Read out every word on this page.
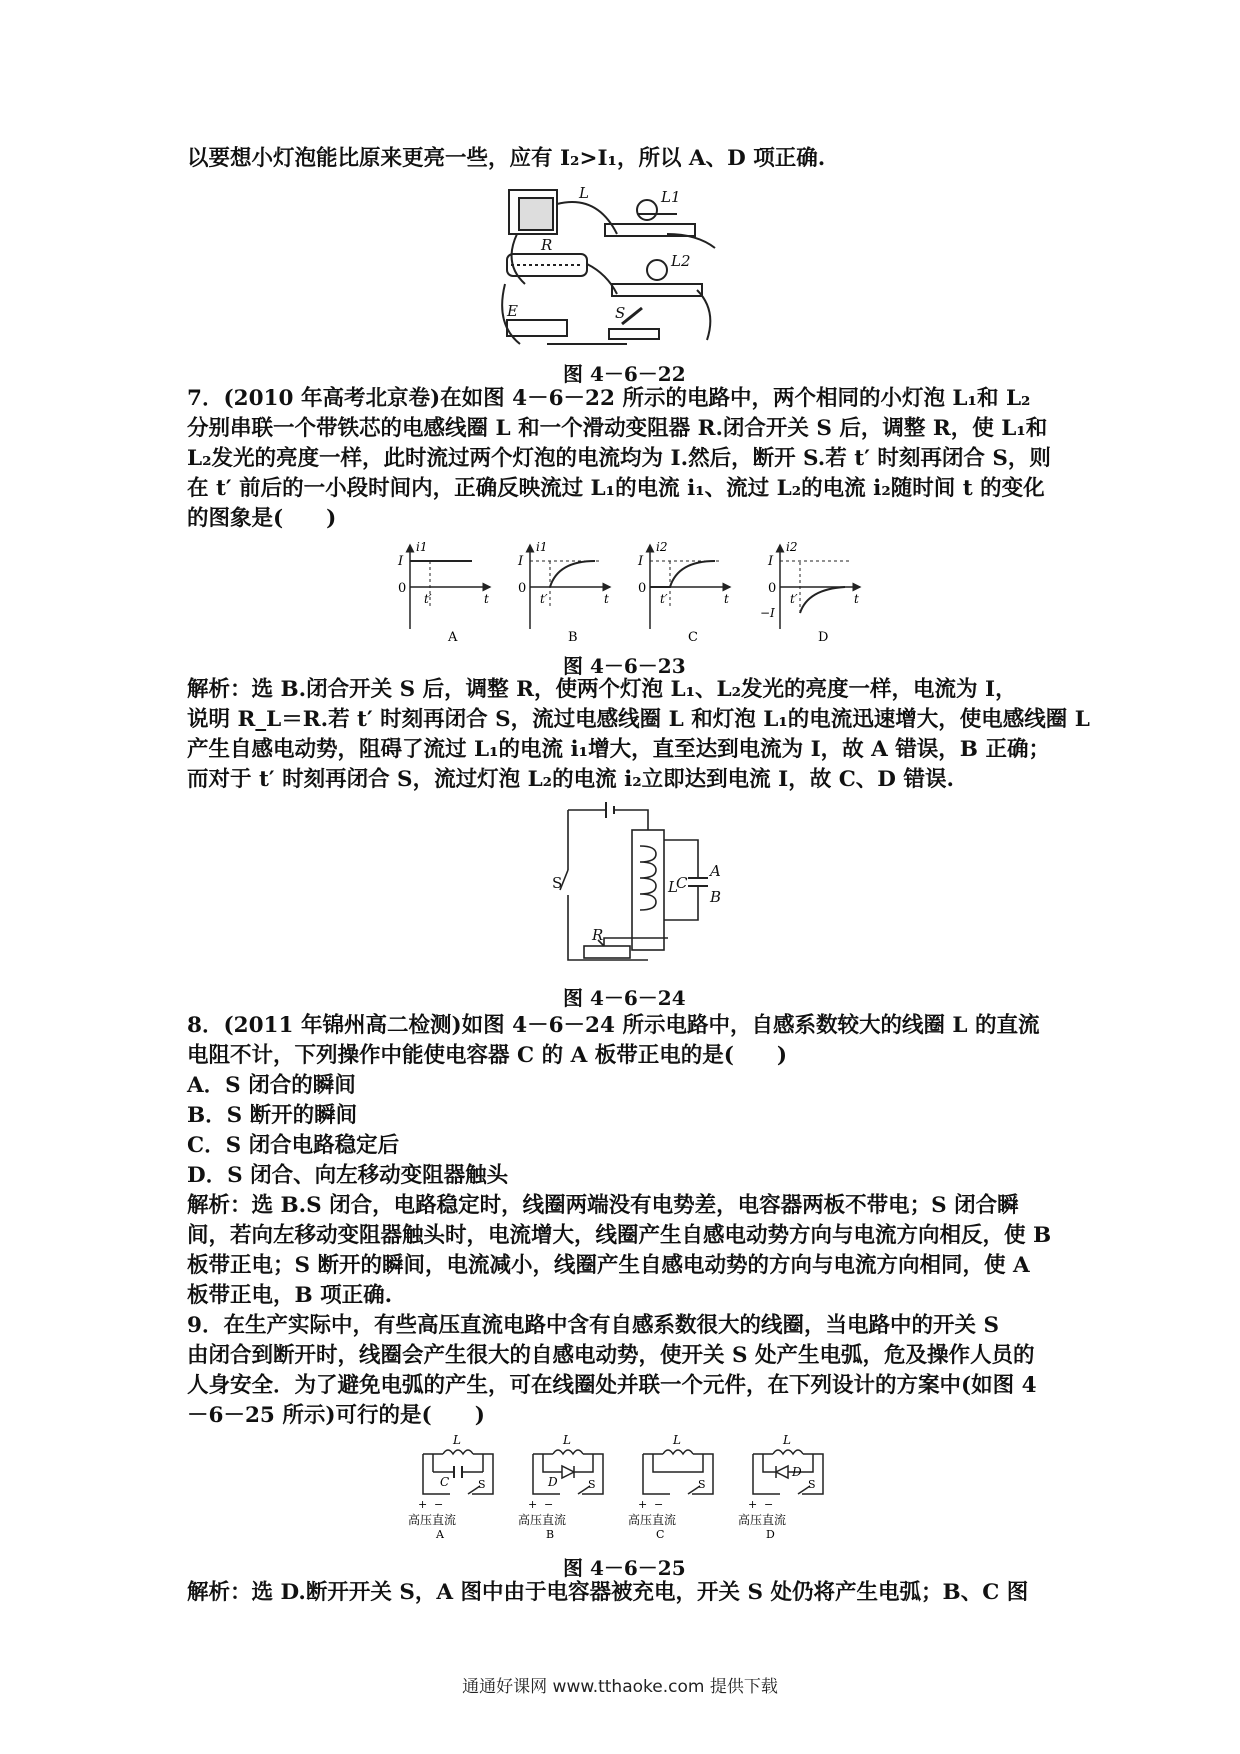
以要想小灯泡能比原来更亮一些，应有 I₂>I₁，所以 A、D 项正确.
L	L1
L2
R
E	S
图 4－6－22
7．(2010 年高考北京卷)在如图 4－6－22 所示的电路中，两个相同的小灯泡 L₁和 L₂
分别串联一个带铁芯的电感线圈 L 和一个滑动变阻器 R.闭合开关 S 后，调整 R，使 L₁和
L₂发光的亮度一样，此时流过两个灯泡的电流均为 I.然后，断开 S.若 t′ 时刻再闭合 S，则
在 t′ 前后的一小段时间内，正确反映流过 L₁的电流 i₁、流过 L₂的电流 i₂随时间 t 的变化
的图象是(　　)
i1
I
0
t′	t
A
i1
I
0
t′	t
B
i2
I
0
t′	t
C
i2
I
0
t′
−I
t
D
图 4－6－23
解析：选 B.闭合开关 S 后，调整 R，使两个灯泡 L₁、L₂发光的亮度一样，电流为 I，
说明 R_L＝R.若 t′ 时刻再闭合 S，流过电感线圈 L 和灯泡 L₁的电流迅速增大，使电感线圈 L
产生自感电动势，阻碍了流过 L₁的电流 i₁增大，直至达到电流为 I，故 A 错误，B 正确；
而对于 t′ 时刻再闭合 S，流过灯泡 L₂的电流 i₂立即达到电流 I，故 C、D 错误.
S	L
C
A
B
R
图 4－6－24
8．(2011 年锦州高二检测)如图 4－6－24 所示电路中，自感系数较大的线圈 L 的直流
电阻不计，下列操作中能使电容器 C 的 A 板带正电的是(　　)
A．S 闭合的瞬间
B．S 断开的瞬间
C．S 闭合电路稳定后
D．S 闭合、向左移动变阻器触头
解析：选 B.S 闭合，电路稳定时，线圈两端没有电势差，电容器两板不带电；S 闭合瞬
间，若向左移动变阻器触头时，电流增大，线圈产生自感电动势方向与电流方向相反，使 B
板带正电；S 断开的瞬间，电流减小，线圈产生自感电动势的方向与电流方向相同，使 A
板带正电，B 项正确.
9．在生产实际中，有些高压直流电路中含有自感系数很大的线圈，当电路中的开关 S
由闭合到断开时，线圈会产生很大的自感电动势，使开关 S 处产生电弧，危及操作人员的
人身安全．为了避免电弧的产生，可在线圈处并联一个元件，在下列设计的方案中(如图 4
－6－25 所示)可行的是(　　)
L
C
+ −
S
高压直流
A
L
D
+ −
S
高压直流
B
L
+ −
S
高压直流
C
L
D
+ −
S
高压直流
D
图 4－6－25
解析：选 D.断开开关 S，A 图中由于电容器被充电，开关 S 处仍将产生电弧；B、C 图
通通好课网 www.tthaoke.com 提供下载
